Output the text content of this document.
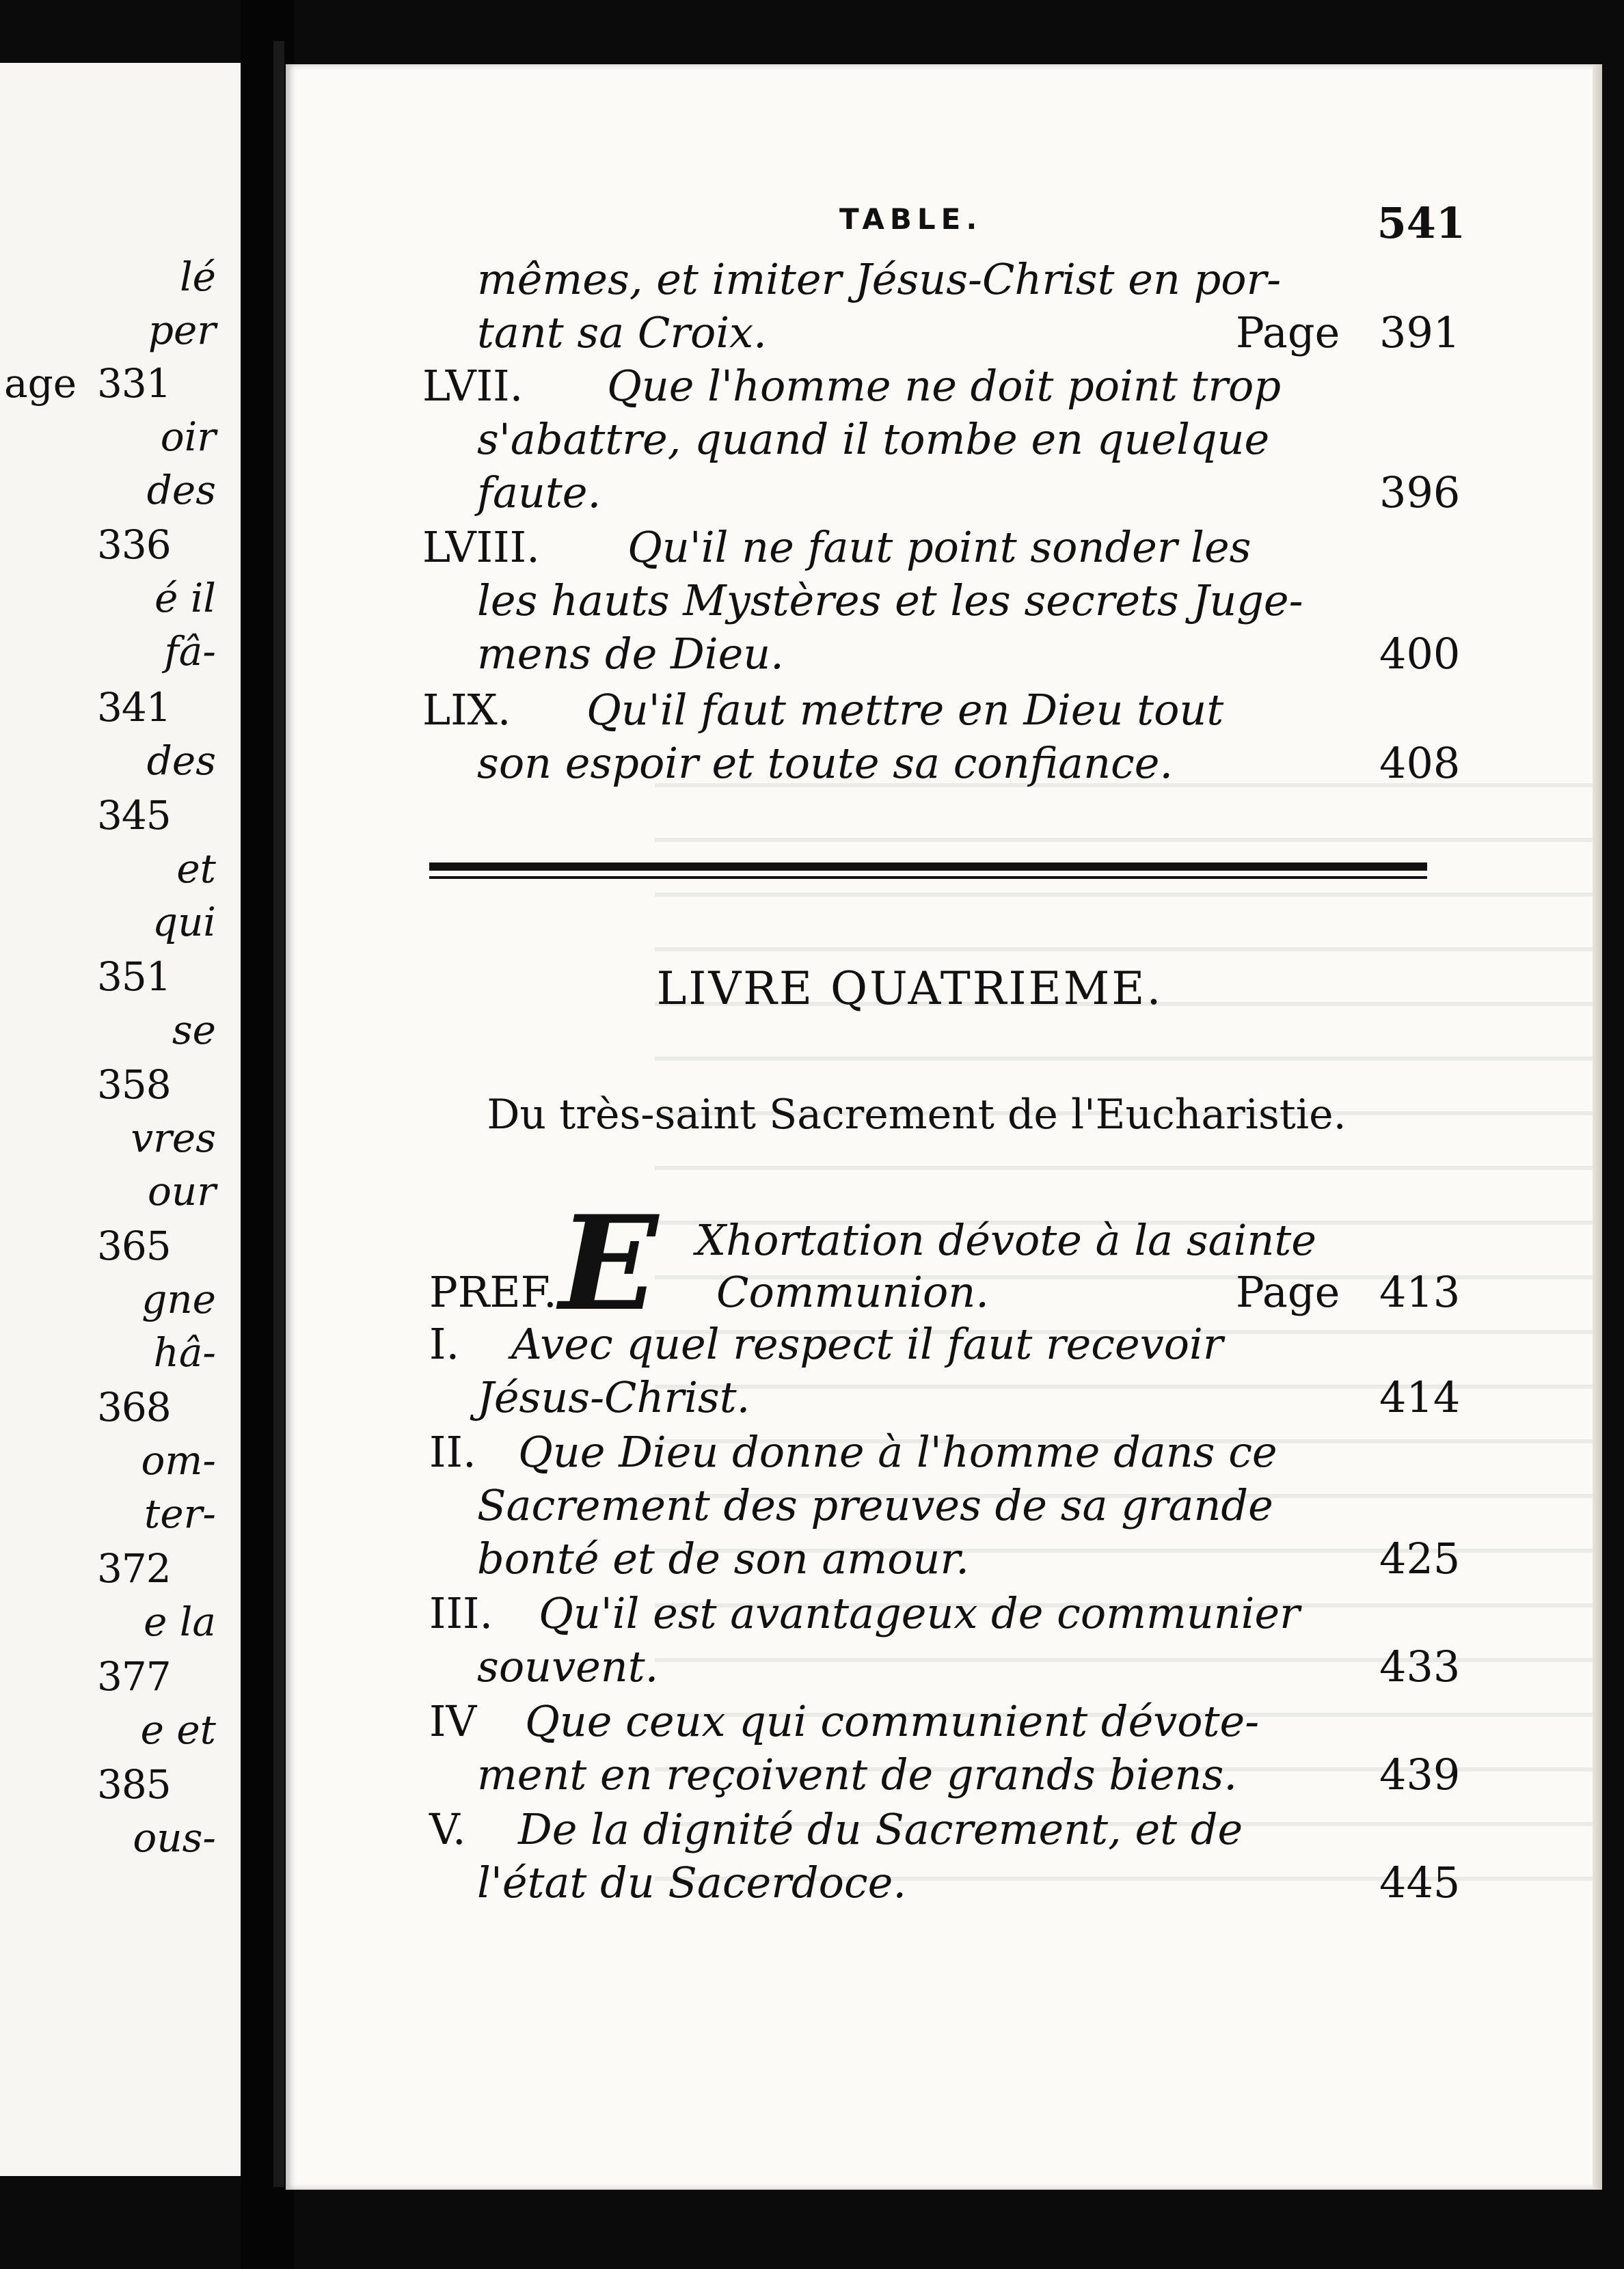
lé
per
age 331
oir
des
336
é il
fâ-
341
des
345
et
qui
351
se
358
vres
our
365
gne
hâ-
368
om-
ter-
372
e la
377
e et
385
ous-
TABLE.	541
mêmes, et imiter Jésus-Christ en por-
tant sa Croix.	Page 391
LVII. Que l'homme ne doit point trop
s'abattre, quand il tombe en quelque
faute.	396
LVIII. Qu'il ne faut point sonder les
les hauts Mystères et les secrets Juge-
mens de Dieu.	400
LIX. Qu'il faut mettre en Dieu tout
son espoir et toute sa confiance.	408
LIVRE QUATRIEME.
Du très-saint Sacrement de l'Eucharistie.
E Xhortation dévote à la sainte
PREF.	Communion.	Page 413
I. Avec quel respect il faut recevoir
Jésus-Christ.	414
II. Que Dieu donne à l'homme dans ce
Sacrement des preuves de sa grande
bonté et de son amour.	425
III. Qu'il est avantageux de communier
souvent.	433
IV Que ceux qui communient dévote-
ment en reçoivent de grands biens.	439
V. De la dignité du Sacrement, et de
l'état du Sacerdoce.	445
